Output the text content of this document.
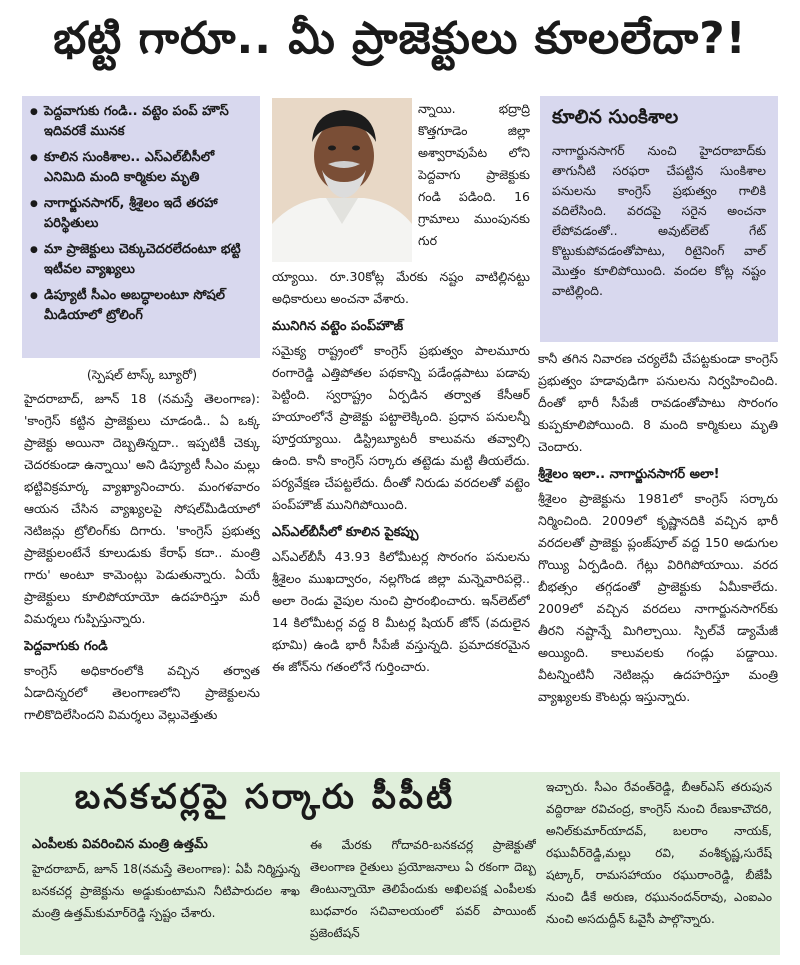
భట్టి గారూ.. మీ ప్రాజెక్టులు కూలలేదా?!
● పెద్దవాగుకు గండి.. వట్టెం పంప్ హౌస్ ఇదివరకే మునక
● కూలిన సుంకిశాల.. ఎస్ఎల్‌బీసీలో ఎనిమిది మంది కార్మికుల మృతి
● నాగార్జునసాగర్, శ్రీశైలం ఇదే తరహా పరిస్థితులు
● మా ప్రాజెక్టులు చెక్కుచెదరలేదంటూ భట్టి ఇటీవల వ్యాఖ్యలు
● డిప్యూటీ సీఎం అబద్ధాలంటూ సోషల్ మీడియాలో ట్రోలింగ్

న్నాయి. భద్రాద్రి కొత్తగూడెం జిల్లా అశ్వారావుపేట లోని పెద్దవాగు ప్రాజెక్టుకు గండి పడింది. 16 గ్రామాలు ముంపునకు గుర

(స్పెషల్ టాస్క్ బ్యూరో)

హైదరాబాద్, జూన్ 18 (నమస్తే తెలంగాణ): 'కాంగ్రెస్ కట్టిన ప్రాజెక్టులు చూడండి.. ఏ ఒక్క ప్రాజెక్టు అయినా దెబ్బతిన్నదా.. ఇప్పటికీ చెక్కు చెదరకుండా ఉన్నాయి' అని డిప్యూటీ సీఎం మల్లు భట్టివిక్రమార్క వ్యాఖ్యానించారు. మంగళవారం ఆయన చేసిన వ్యాఖ్యలపై సోషల్‌మీడియాలో నెటిజన్లు ట్రోలింగ్‌కు దిగారు. 'కాంగ్రెస్ ప్రభుత్వ ప్రాజెక్టులంటేనే కూలుడుకు కేరాఫ్ కదా.. మంత్రి గారు' అంటూ కామెంట్లు పెడుతున్నారు. ఏయే ప్రాజెక్టులు కూలిపోయాయో ఉదహరిస్తూ మరీ విమర్శలు గుప్పిస్తున్నారు.

పెద్దవాగుకు గండి

కాంగ్రెస్ అధికారంలోకి వచ్చిన తర్వాత ఏడాదిన్నరలో తెలంగాణలోని ప్రాజెక్టులను గాలికొదిలేసిందని విమర్శలు వెల్లువెత్తుతు

య్యాయి. రూ.30కోట్ల మేరకు నష్టం వాటిల్లినట్టు అధికారులు అంచనా వేశారు.

మునిగిన వట్టెం పంప్‌హౌజ్

సమైక్య రాష్ట్రంలో కాంగ్రెస్ ప్రభుత్వం పాలమూరు రంగారెడ్డి ఎత్తిపోతల పథకాన్ని పడేండ్లపాటు పడావు పెట్టింది. స్వరాష్ట్రం ఏర్పడిన తర్వాత కేసీఆర్ హయాంలోనే ప్రాజెక్టు పట్టాలెక్కింది. ప్రధాన పనులన్నీ పూర్తయ్యాయి. డిస్ట్రిబ్యూటరీ కాలువను తవ్వాల్సి ఉంది. కానీ కాంగ్రెస్ సర్కారు తట్టెడు మట్టి తీయలేదు. పర్యవేక్షణ చేపట్టలేదు. దీంతో నిరుడు వరదలతో వట్టెం పంప్‌హౌజ్ మునిగిపోయింది.

ఎస్ఎల్‌బీసీలో కూలిన పైకప్పు

ఎస్ఎల్‌బీసీ 43.93 కిలోమీటర్ల సొరంగం పనులను శ్రీశైలం ముఖద్వారం, నల్లగొండ జిల్లా మన్నెవారిపల్లె.. అలా రెండు వైపుల నుంచి ప్రారంభించారు. ఇన్‌లెట్‌లో 14 కిలోమీటర్ల వద్ద 8 మీటర్ల షియర్ జోన్ (వదులైన భూమి) ఉండి భారీ సీపేజీ వస్తున్నది. ప్రమాదకరమైన ఈ జోన్‌ను గతంలోనే గుర్తించారు.

కూలిన సుంకిశాల

నాగార్జునసాగర్ నుంచి హైదరాబాద్‌కు తాగునీటి సరఫరా చేపట్టిన సుంకిశాల పనులను కాంగ్రెస్ ప్రభుత్వం గాలికి వదిలేసింది. వరదపై సరైన అంచనా లేపోవడంతో.. అవుట్‌లెట్ గేట్ కొట్టుకుపోవడంతోపాటు, రిటైనింగ్ వాల్ మొత్తం కూలిపోయింది. వందల కోట్ల నష్టం వాటిల్లింది.

కానీ తగిన నివారణ చర్యలేవీ చేపట్టకుండా కాంగ్రెస్ ప్రభుత్వం హడావుడిగా పనులను నిర్వహించింది. దీంతో భారీ సీపేజీ రావడంతోపాటు సొరంగం కుప్పకూలిపోయింది. 8 మంది కార్మికులు మృతి చెందారు.

శ్రీశైలం ఇలా.. నాగార్జునసాగర్ అలా!

శ్రీశైలం ప్రాజెక్టును 1981లో కాంగ్రెస్ సర్కారు నిర్మించింది. 2009లో కృష్ణానదికి వచ్చిన భారీ వరదలతో ప్రాజెక్టు ప్లంజ్‌పూల్ వద్ద 150 అడుగుల గొయ్యి ఏర్పడింది. గేట్లు విరిగిపోయాయి. వరద బీభత్సం తగ్గడంతో ప్రాజెక్టుకు ఏమీకాలేదు. 2009లో వచ్చిన వరదలు నాగార్జునసాగర్‌కు తీరని నష్టాన్నే మిగిల్చాయి. స్పిల్‌వే డ్యామేజీ అయ్యింది. కాలువలకు గండ్లు పడ్డాయి. వీటన్నింటినీ నెటిజన్లు ఉదహరిస్తూ మంత్రి వ్యాఖ్యలకు కౌంటర్లు ఇస్తున్నారు.

బనకచర్లపై సర్కారు పీపీటీ

ఎంపీలకు వివరించిన మంత్రి ఉత్తమ్

హైదరాబాద్, జూన్ 18(నమస్తే తెలంగాణ): ఏపీ నిర్మిస్తున్న బనకచర్ల ప్రాజెక్టును అడ్డుకుంటామని నీటిపారుదల శాఖ మంత్రి ఉత్తమ్‌కుమార్‌రెడ్డి స్పష్టం చేశారు.

ఈ మేరకు గోదావరి-బనకచర్ల ప్రాజెక్టుతో తెలంగాణ రైతులు ప్రయోజనాలు ఏ రకంగా దెబ్బ తింటున్నాయో తెలిపేందుకు అఖిలపక్ష ఎంపీలకు బుధవారం సచివాలయంలో పవర్ పాయింట్ ప్రజెంటేషన్

ఇచ్చారు. సీఎం రేవంత్‌రెడ్డి, బీఆర్ఎస్ తరుపున వద్దిరాజు రవిచంద్ర, కాంగ్రెస్ నుంచి రేణుకాచౌదరి, అనిల్‌కుమార్‌యాదవ్, బలరాం నాయక్, రఘువీర్‌రెడ్డి,మల్లు రవి, వంశీకృష్ణ,సురేష్ షట్కార్, రామసహాయం రఘురాంరెడ్డి, బీజేపీ నుంచి డీకే అరుణ, రఘునందన్‌రావు, ఎంఐఎం నుంచి అసదుద్దీన్ ఓవైసీ పాల్గొన్నారు.
